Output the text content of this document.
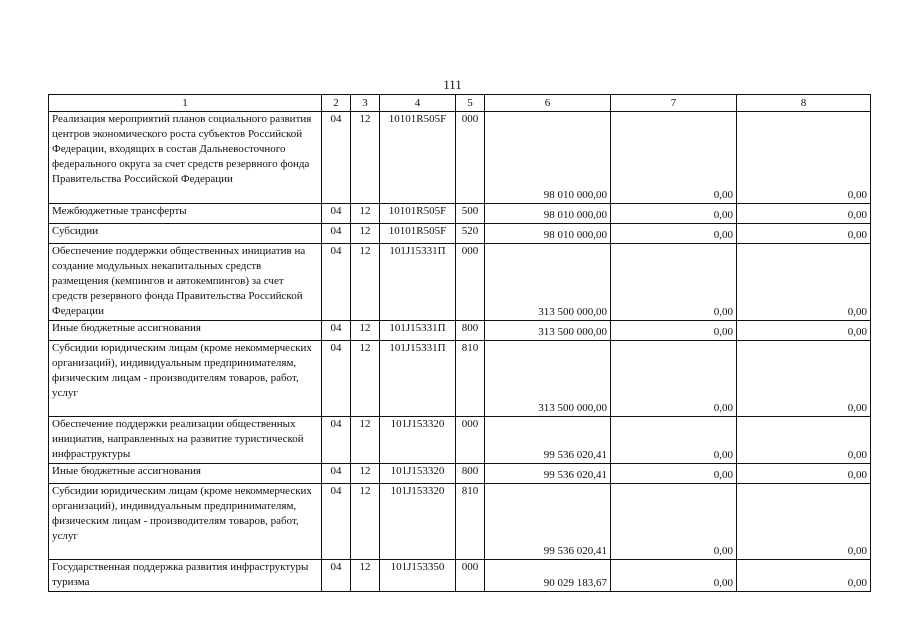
111
1	2	3	4	5	6	7	8
Реализация мероприятий планов социального развития центров экономического роста субъектов Российской Федерации, входящих в состав Дальневосточного федерального округа за счет средств резервного фонда Правительства Российской Федерации	04	12	10101R505F	000	98 010 000,00	0,00	0,00
Межбюджетные трансферты	04	12	10101R505F	500	98 010 000,00	0,00	0,00
Субсидии	04	12	10101R505F	520	98 010 000,00	0,00	0,00
Обеспечение поддержки общественных инициатив на создание модульных некапитальных средств размещения (кемпингов и автокемпингов) за счет средств резервного фонда Правительства Российской Федерации	04	12	101J15331П	000	313 500 000,00	0,00	0,00
Иные бюджетные ассигнования	04	12	101J15331П	800	313 500 000,00	0,00	0,00
Субсидии юридическим лицам (кроме некоммерческих организаций), индивидуальным предпринимателям, физическим лицам - производителям товаров, работ, услуг	04	12	101J15331П	810	313 500 000,00	0,00	0,00
Обеспечение поддержки реализации общественных инициатив, направленных на развитие туристической инфраструктуры	04	12	101J153320	000	99 536 020,41	0,00	0,00
Иные бюджетные ассигнования	04	12	101J153320	800	99 536 020,41	0,00	0,00
Субсидии юридическим лицам (кроме некоммерческих организаций), индивидуальным предпринимателям, физическим лицам - производителям товаров, работ, услуг	04	12	101J153320	810	99 536 020,41	0,00	0,00
Государственная поддержка развития инфраструктуры туризма	04	12	101J153350	000	90 029 183,67	0,00	0,00
